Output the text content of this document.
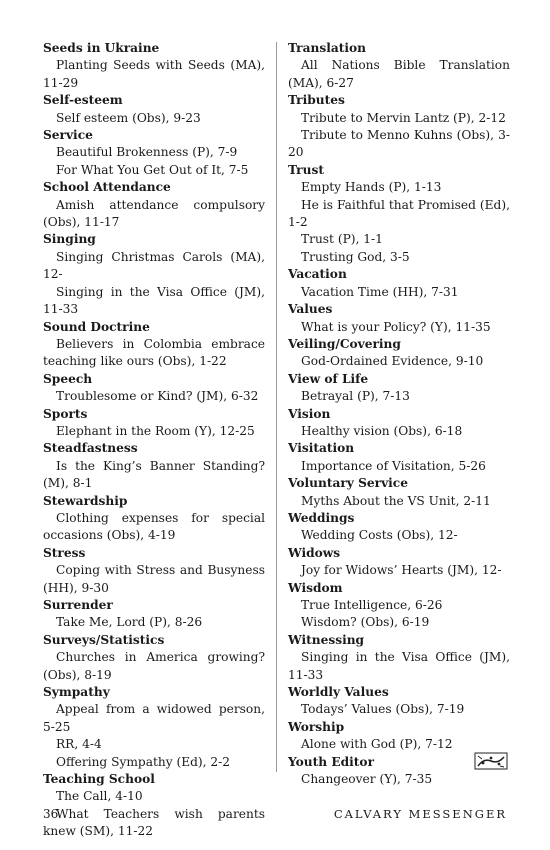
Seeds in Ukraine
Planting Seeds with Seeds (MA), 11-29
Self-esteem
Self esteem (Obs), 9-23
Service
Beautiful Brokenness (P), 7-9
For What You Get Out of It, 7-5
School Attendance
Amish attendance compulsory (Obs), 11-17
Singing
Singing Christmas Carols (MA), 12-
Singing in the Visa Office (JM), 11-33
Sound Doctrine
Believers in Colombia embrace teaching like ours (Obs), 1-22
Speech
Troublesome or Kind? (JM), 6-32
Sports
Elephant in the Room (Y), 12-25
Steadfastness
Is the King’s Banner Standing? (M), 8-1
Stewardship
Clothing expenses for special occasions (Obs), 4-19
Stress
Coping with Stress and Busyness (HH), 9-30
Surrender
Take Me, Lord (P), 8-26
Surveys/Statistics
Churches in America growing? (Obs), 8-19
Sympathy
Appeal from a widowed person, 5-25
RR, 4-4
Offering Sympathy (Ed), 2-2
Teaching School
The Call, 4-10
What Teachers wish parents knew (SM), 11-22
Translation
All Nations Bible Translation (MA), 6-27
Tributes
Tribute to Mervin Lantz (P), 2-12
Tribute to Menno Kuhns (Obs), 3-20
Trust
Empty Hands (P), 1-13
He is Faithful that Promised (Ed), 1-2
Trust (P), 1-1
Trusting God, 3-5
Vacation
Vacation Time (HH), 7-31
Values
What is your Policy? (Y), 11-35
Veiling/Covering
God-Ordained Evidence, 9-10
View of Life
Betrayal (P), 7-13
Vision
Healthy vision (Obs), 6-18
Visitation
Importance of Visitation, 5-26
Voluntary Service
Myths About the VS Unit, 2-11
Weddings
Wedding Costs (Obs), 12-
Widows
Joy for Widows’ Hearts (JM), 12-
Wisdom
True Intelligence, 6-26
Wisdom? (Obs), 6-19
Witnessing
Singing in the Visa Office (JM), 11-33
Worldly Values
Todays’ Values (Obs), 7-19
Worship
Alone with God (P), 7-12
Youth Editor
Changeover (Y), 7-35
36	CALVARY MESSENGER
